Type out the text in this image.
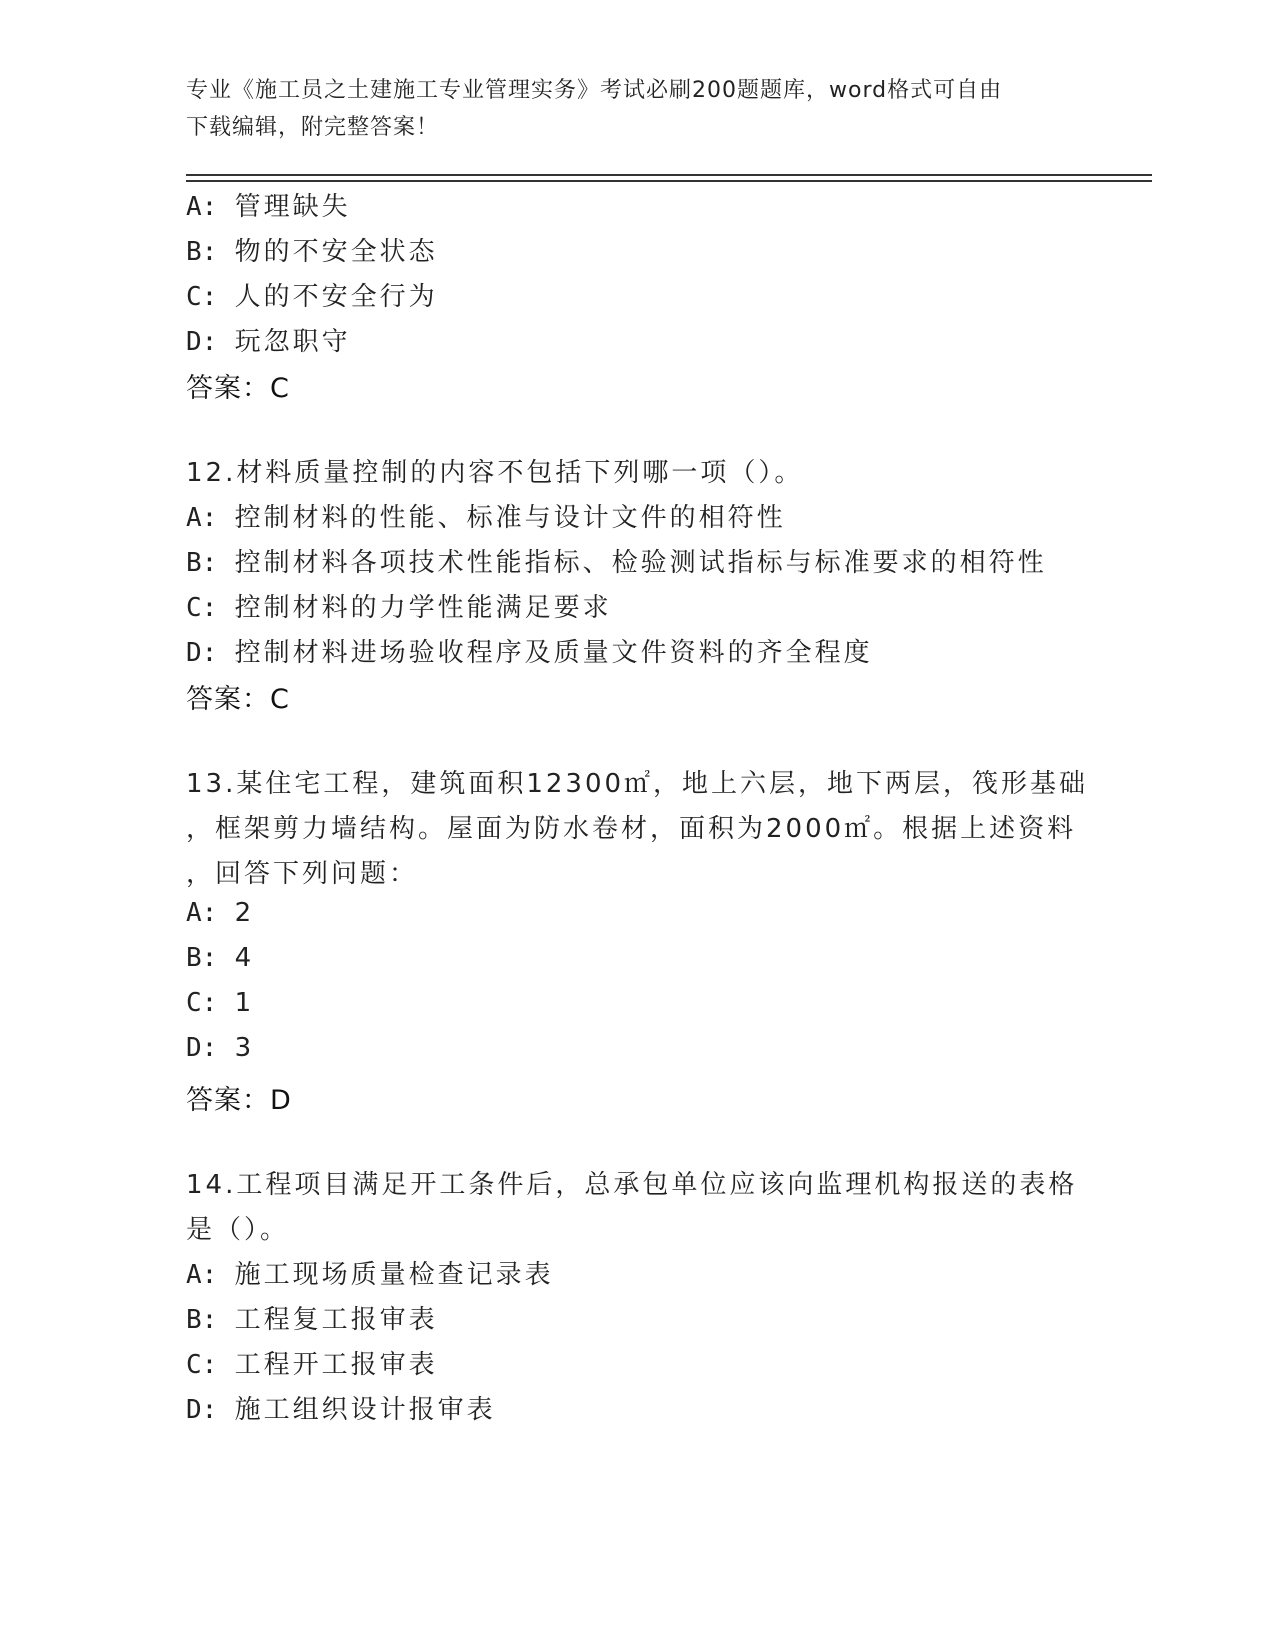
专业《施工员之土建施工专业管理实务》考试必刷200题题库，word格式可自由
下载编辑，附完整答案！
A: 管理缺失
B: 物的不安全状态
C: 人的不安全行为
D: 玩忽职守
答案：C
12.材料质量控制的内容不包括下列哪一项（）。
A: 控制材料的性能、标准与设计文件的相符性
B: 控制材料各项技术性能指标、检验测试指标与标准要求的相符性
C: 控制材料的力学性能满足要求
D: 控制材料进场验收程序及质量文件资料的齐全程度
答案：C
13.某住宅工程，建筑面积12300㎡，地上六层，地下两层，筏形基础
，框架剪力墙结构。屋面为防水卷材，面积为2000㎡。根据上述资料
，回答下列问题：
A: 2
B: 4
C: 1
D: 3
答案：D
14.工程项目满足开工条件后，总承包单位应该向监理机构报送的表格
是（）。
A: 施工现场质量检查记录表
B: 工程复工报审表
C: 工程开工报审表
D: 施工组织设计报审表
